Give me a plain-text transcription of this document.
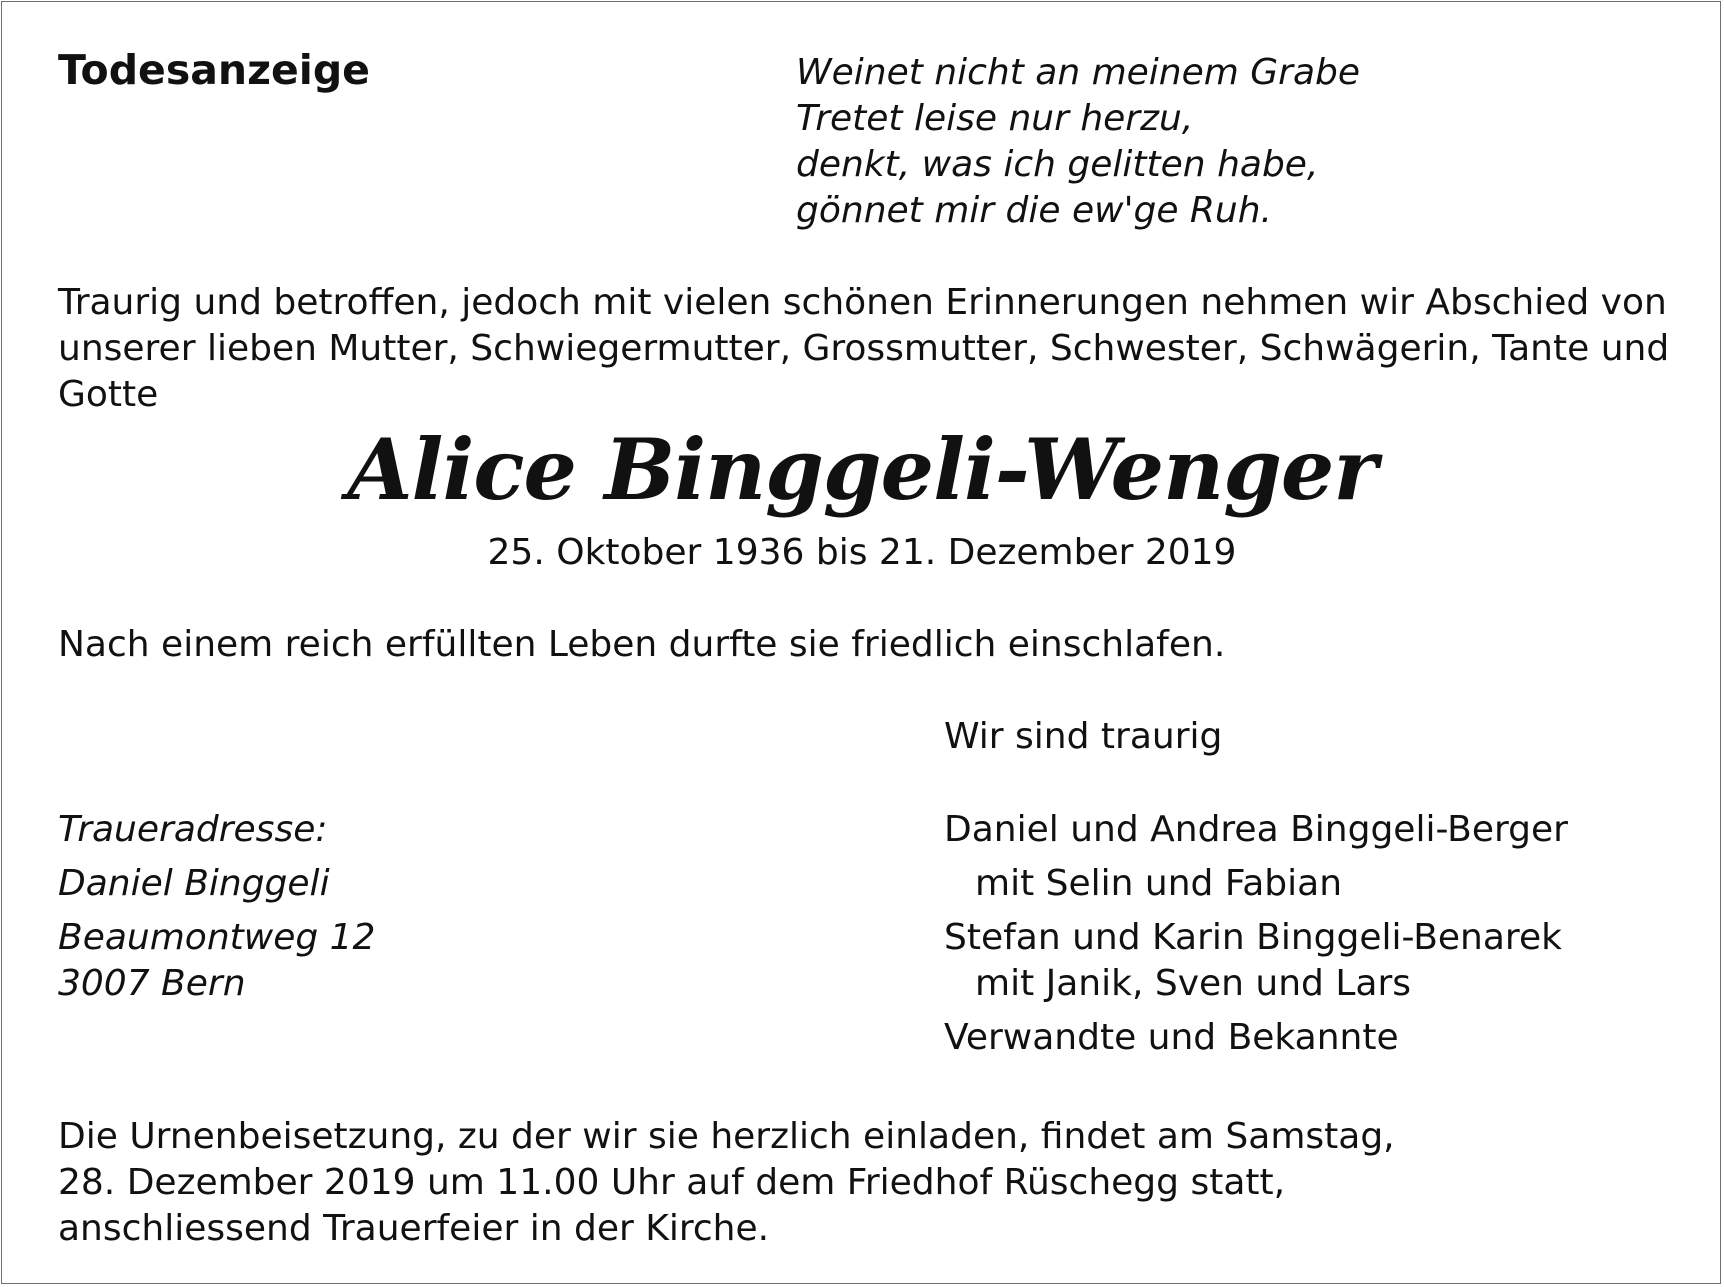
Todesanzeige	Weinet nicht an meinem Grabe
Tretet leise nur herzu,
denkt, was ich gelitten habe,
gönnet mir die ew'ge Ruh.
Traurig und betroffen, jedoch mit vielen schönen Erinnerungen nehmen wir Abschied von unserer lieben Mutter, Schwiegermutter, Grossmutter, Schwester, Schwägerin, Tante und Gotte
Alice Binggeli-Wenger
25. Oktober 1936 bis 21. Dezember 2019
Nach einem reich erfüllten Leben durfte sie friedlich einschlafen.
Wir sind traurig
Traueradresse:
Daniel Binggeli
Beaumontweg 12
3007 Bern
Daniel und Andrea Binggeli-Berger
mit Selin und Fabian
Stefan und Karin Binggeli-Benarek
mit Janik, Sven und Lars
Verwandte und Bekannte
Die Urnenbeisetzung, zu der wir sie herzlich einladen, findet am Samstag,
28. Dezember 2019 um 11.00 Uhr auf dem Friedhof Rüschegg statt,
anschliessend Trauerfeier in der Kirche.
